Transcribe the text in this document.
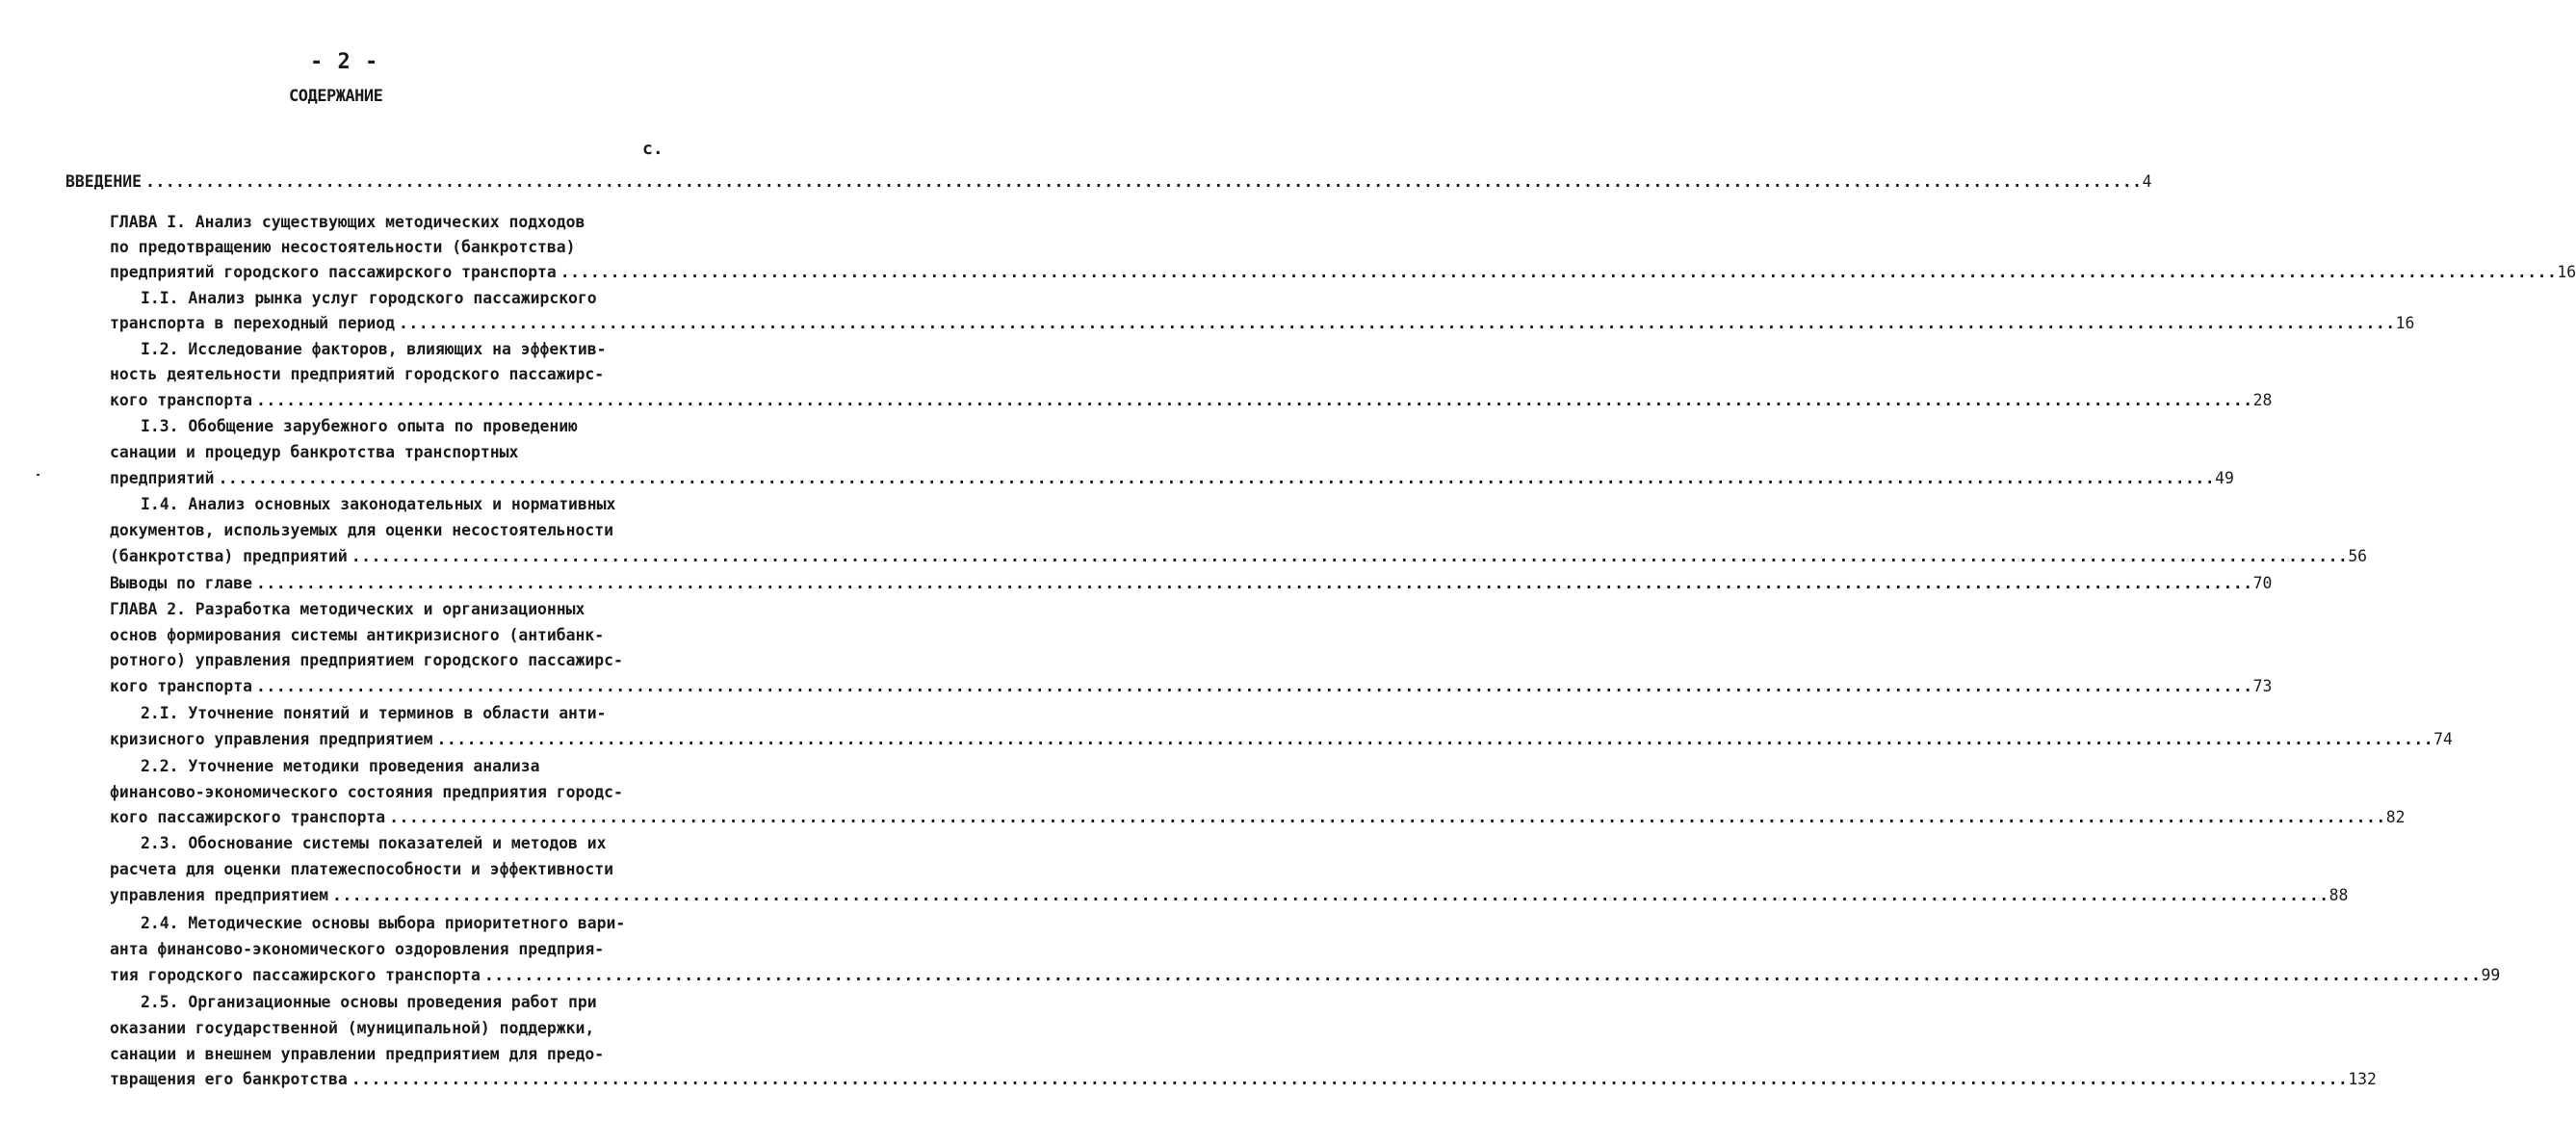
- 2 -
СОДЕРЖАНИЕ
с.
ВВЕДЕНИЕ ........................................................................................................................................................................................................ 4
ГЛАВА I. Анализ существующих методических подходов
по предотвращению несостоятельности (банкротства)
предприятий городского пассажирского транспорта ........................................................................................................................................................................................................ 16
I.I. Анализ рынка услуг городского пассажирского
транспорта в переходный период ........................................................................................................................................................................................................ 16
I.2. Исследование факторов, влияющих на эффектив-
ность деятельности предприятий городского пассажирс-
кого транспорта ........................................................................................................................................................................................................ 28
I.3. Обобщение зарубежного опыта по проведению
санации и процедур банкротства транспортных
предприятий ........................................................................................................................................................................................................ 49
I.4. Анализ основных законодательных и нормативных
документов, используемых для оценки несостоятельности
(банкротства) предприятий ........................................................................................................................................................................................................ 56
Выводы по главе ........................................................................................................................................................................................................ 70
ГЛАВА 2. Разработка методических и организационных
основ формирования системы антикризисного (антибанк-
ротного) управления предприятием городского пассажирс-
кого транспорта ........................................................................................................................................................................................................ 73
2.I. Уточнение понятий и терминов в области анти-
кризисного управления предприятием ........................................................................................................................................................................................................ 74
2.2. Уточнение методики проведения анализа
финансово-экономического состояния предприятия городс-
кого пассажирского транспорта ........................................................................................................................................................................................................ 82
2.3. Обоснование системы показателей и методов их
расчета для оценки платежеспособности и эффективности
управления предприятием ........................................................................................................................................................................................................ 88
2.4. Методические основы выбора приоритетного вари-
анта финансово-экономического оздоровления предприя-
тия городского пассажирского транспорта ........................................................................................................................................................................................................ 99
2.5. Организационные основы проведения работ при
оказании государственной (муниципальной) поддержки,
санации и внешнем управлении предприятием для предо-
твращения его банкротства ........................................................................................................................................................................................................ 132
